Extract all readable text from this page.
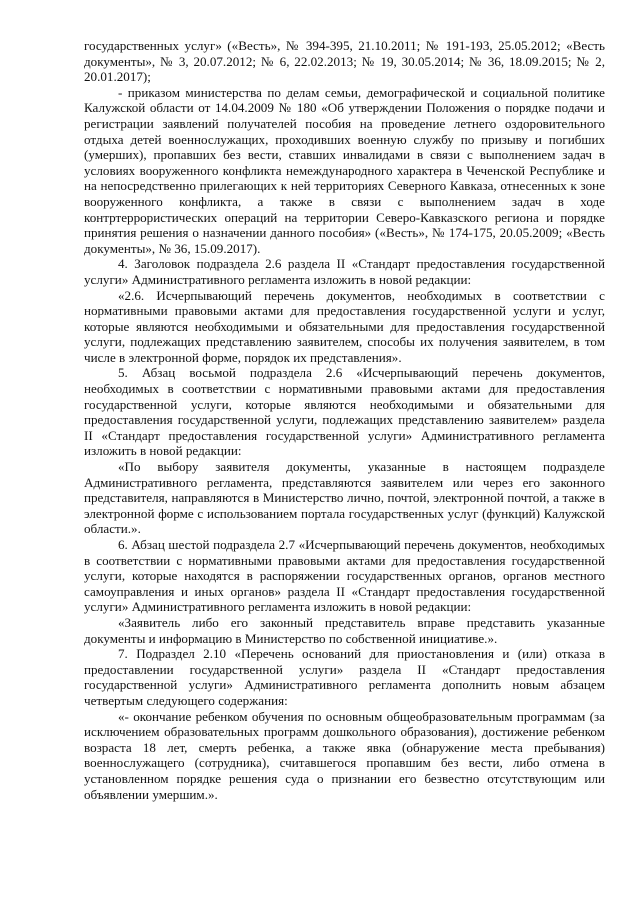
государственных услуг» («Весть», № 394-395, 21.10.2011; № 191-193, 25.05.2012; «Весть документы», № 3, 20.07.2012; № 6, 22.02.2013; № 19, 30.05.2014; № 36, 18.09.2015; № 2, 20.01.2017);

- приказом министерства по делам семьи, демографической и социальной политике Калужской области от 14.04.2009 № 180 «Об утверждении Положения о порядке подачи и регистрации заявлений получателей пособия на проведение летнего оздоровительного отдыха детей военнослужащих, проходивших военную службу по призыву и погибших (умерших), пропавших без вести, ставших инвалидами в связи с выполнением задач в условиях вооруженного конфликта немеждународного характера в Чеченской Республике и на непосредственно прилегающих к ней территориях Северного Кавказа, отнесенных к зоне вооруженного конфликта, а также в связи с выполнением задач в ходе контртеррористических операций на территории Северо-Кавказского региона и порядке принятия решения о назначении данного пособия» («Весть», № 174-175, 20.05.2009; «Весть документы», № 36, 15.09.2017).

4. Заголовок подраздела 2.6 раздела II «Стандарт предоставления государственной услуги» Административного регламента изложить в новой редакции:

«2.6. Исчерпывающий перечень документов, необходимых в соответствии с нормативными правовыми актами для предоставления государственной услуги и услуг, которые являются необходимыми и обязательными для предоставления государственной услуги, подлежащих представлению заявителем, способы их получения заявителем, в том числе в электронной форме, порядок их представления».

5. Абзац восьмой подраздела 2.6 «Исчерпывающий перечень документов, необходимых в соответствии с нормативными правовыми актами для предоставления государственной услуги, которые являются необходимыми и обязательными для предоставления государственной услуги, подлежащих представлению заявителем» раздела II «Стандарт предоставления государственной услуги» Административного регламента изложить в новой редакции:

«По выбору заявителя документы, указанные в настоящем подразделе Административного регламента, представляются заявителем или через его законного представителя, направляются в Министерство лично, почтой, электронной почтой, а также в электронной форме с использованием портала государственных услуг (функций) Калужской области.».

6. Абзац шестой подраздела 2.7 «Исчерпывающий перечень документов, необходимых в соответствии с нормативными правовыми актами для предоставления государственной услуги, которые находятся в распоряжении государственных органов, органов местного самоуправления и иных органов» раздела II «Стандарт предоставления государственной услуги» Административного регламента изложить в новой редакции:

«Заявитель либо его законный представитель вправе представить указанные документы и информацию в Министерство по собственной инициативе.».

7. Подраздел 2.10 «Перечень оснований для приостановления и (или) отказа в предоставлении государственной услуги» раздела II «Стандарт предоставления государственной услуги» Административного регламента дополнить новым абзацем четвертым следующего содержания:

«- окончание ребенком обучения по основным общеобразовательным программам (за исключением образовательных программ дошкольного образования), достижение ребенком возраста 18 лет, смерть ребенка, а также явка (обнаружение места пребывания) военнослужащего (сотрудника), считавшегося пропавшим без вести, либо отмена в установленном порядке решения суда о признании его безвестно отсутствующим или объявлении умершим.».
